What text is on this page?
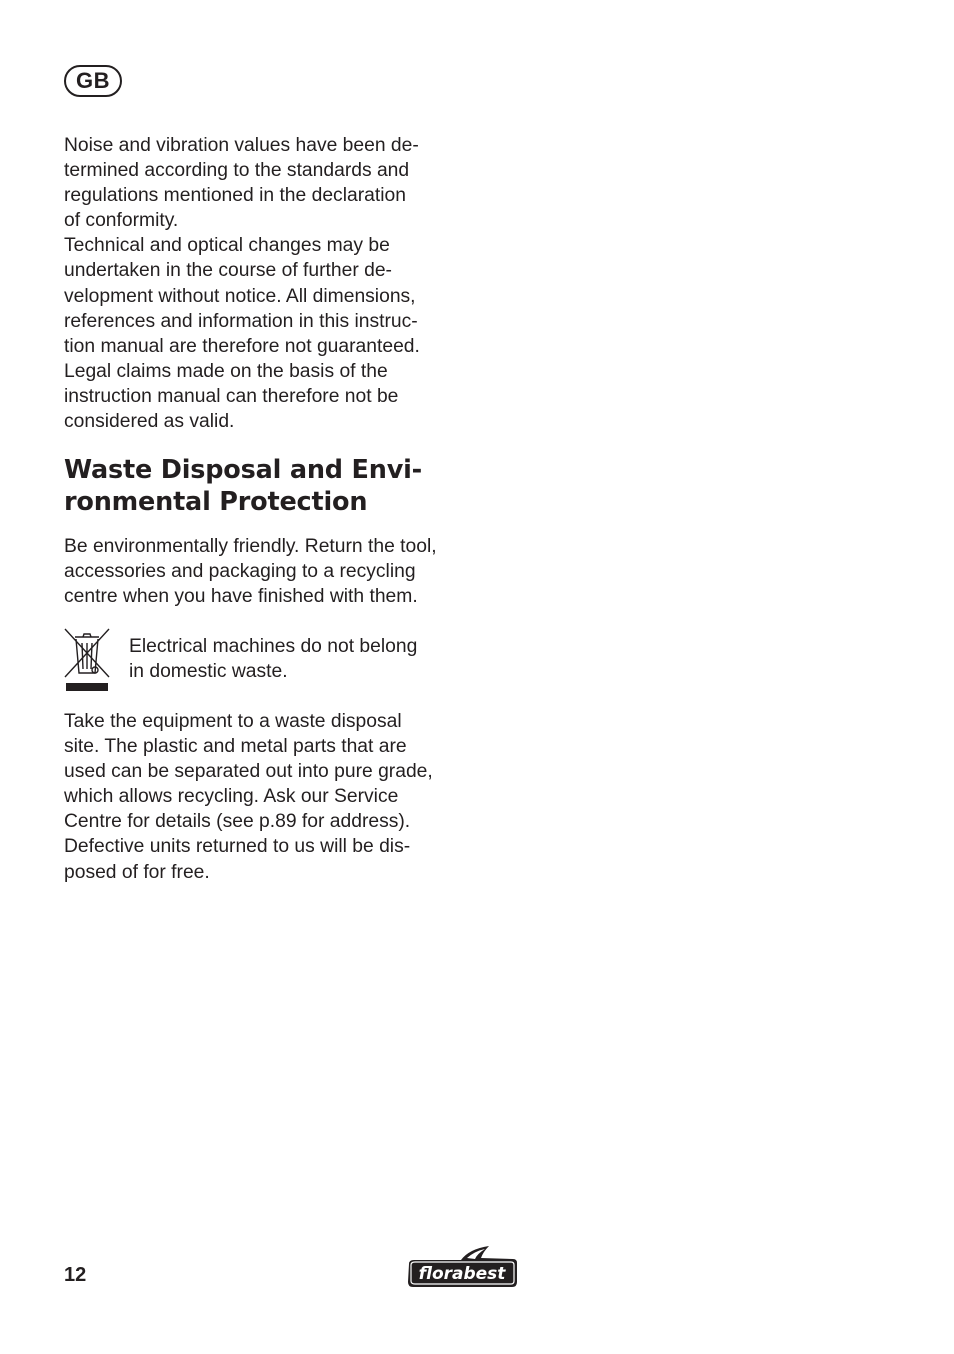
GB

Noise and vibration values have been de-
termined according to the standards and
regulations mentioned in the declaration
of conformity.
Technical and optical changes may be
undertaken in the course of further de-
velopment without notice. All dimensions,
references and information in this instruc-
tion manual are therefore not guaranteed.
Legal claims made on the basis of the
instruction manual can therefore not be
considered as valid.

Waste Disposal and Envi-
ronmental Protection

Be environmentally friendly. Return the tool,
accessories and packaging to a recycling
centre when you have finished with them.

Electrical machines do not belong
in domestic waste.

Take the equipment to a waste disposal
site. The plastic and metal parts that are
used can be separated out into pure grade,
which allows recycling. Ask our Service
Centre for details (see p.89 for address).
Defective units returned to us will be dis-
posed of for free.

12	florabest
